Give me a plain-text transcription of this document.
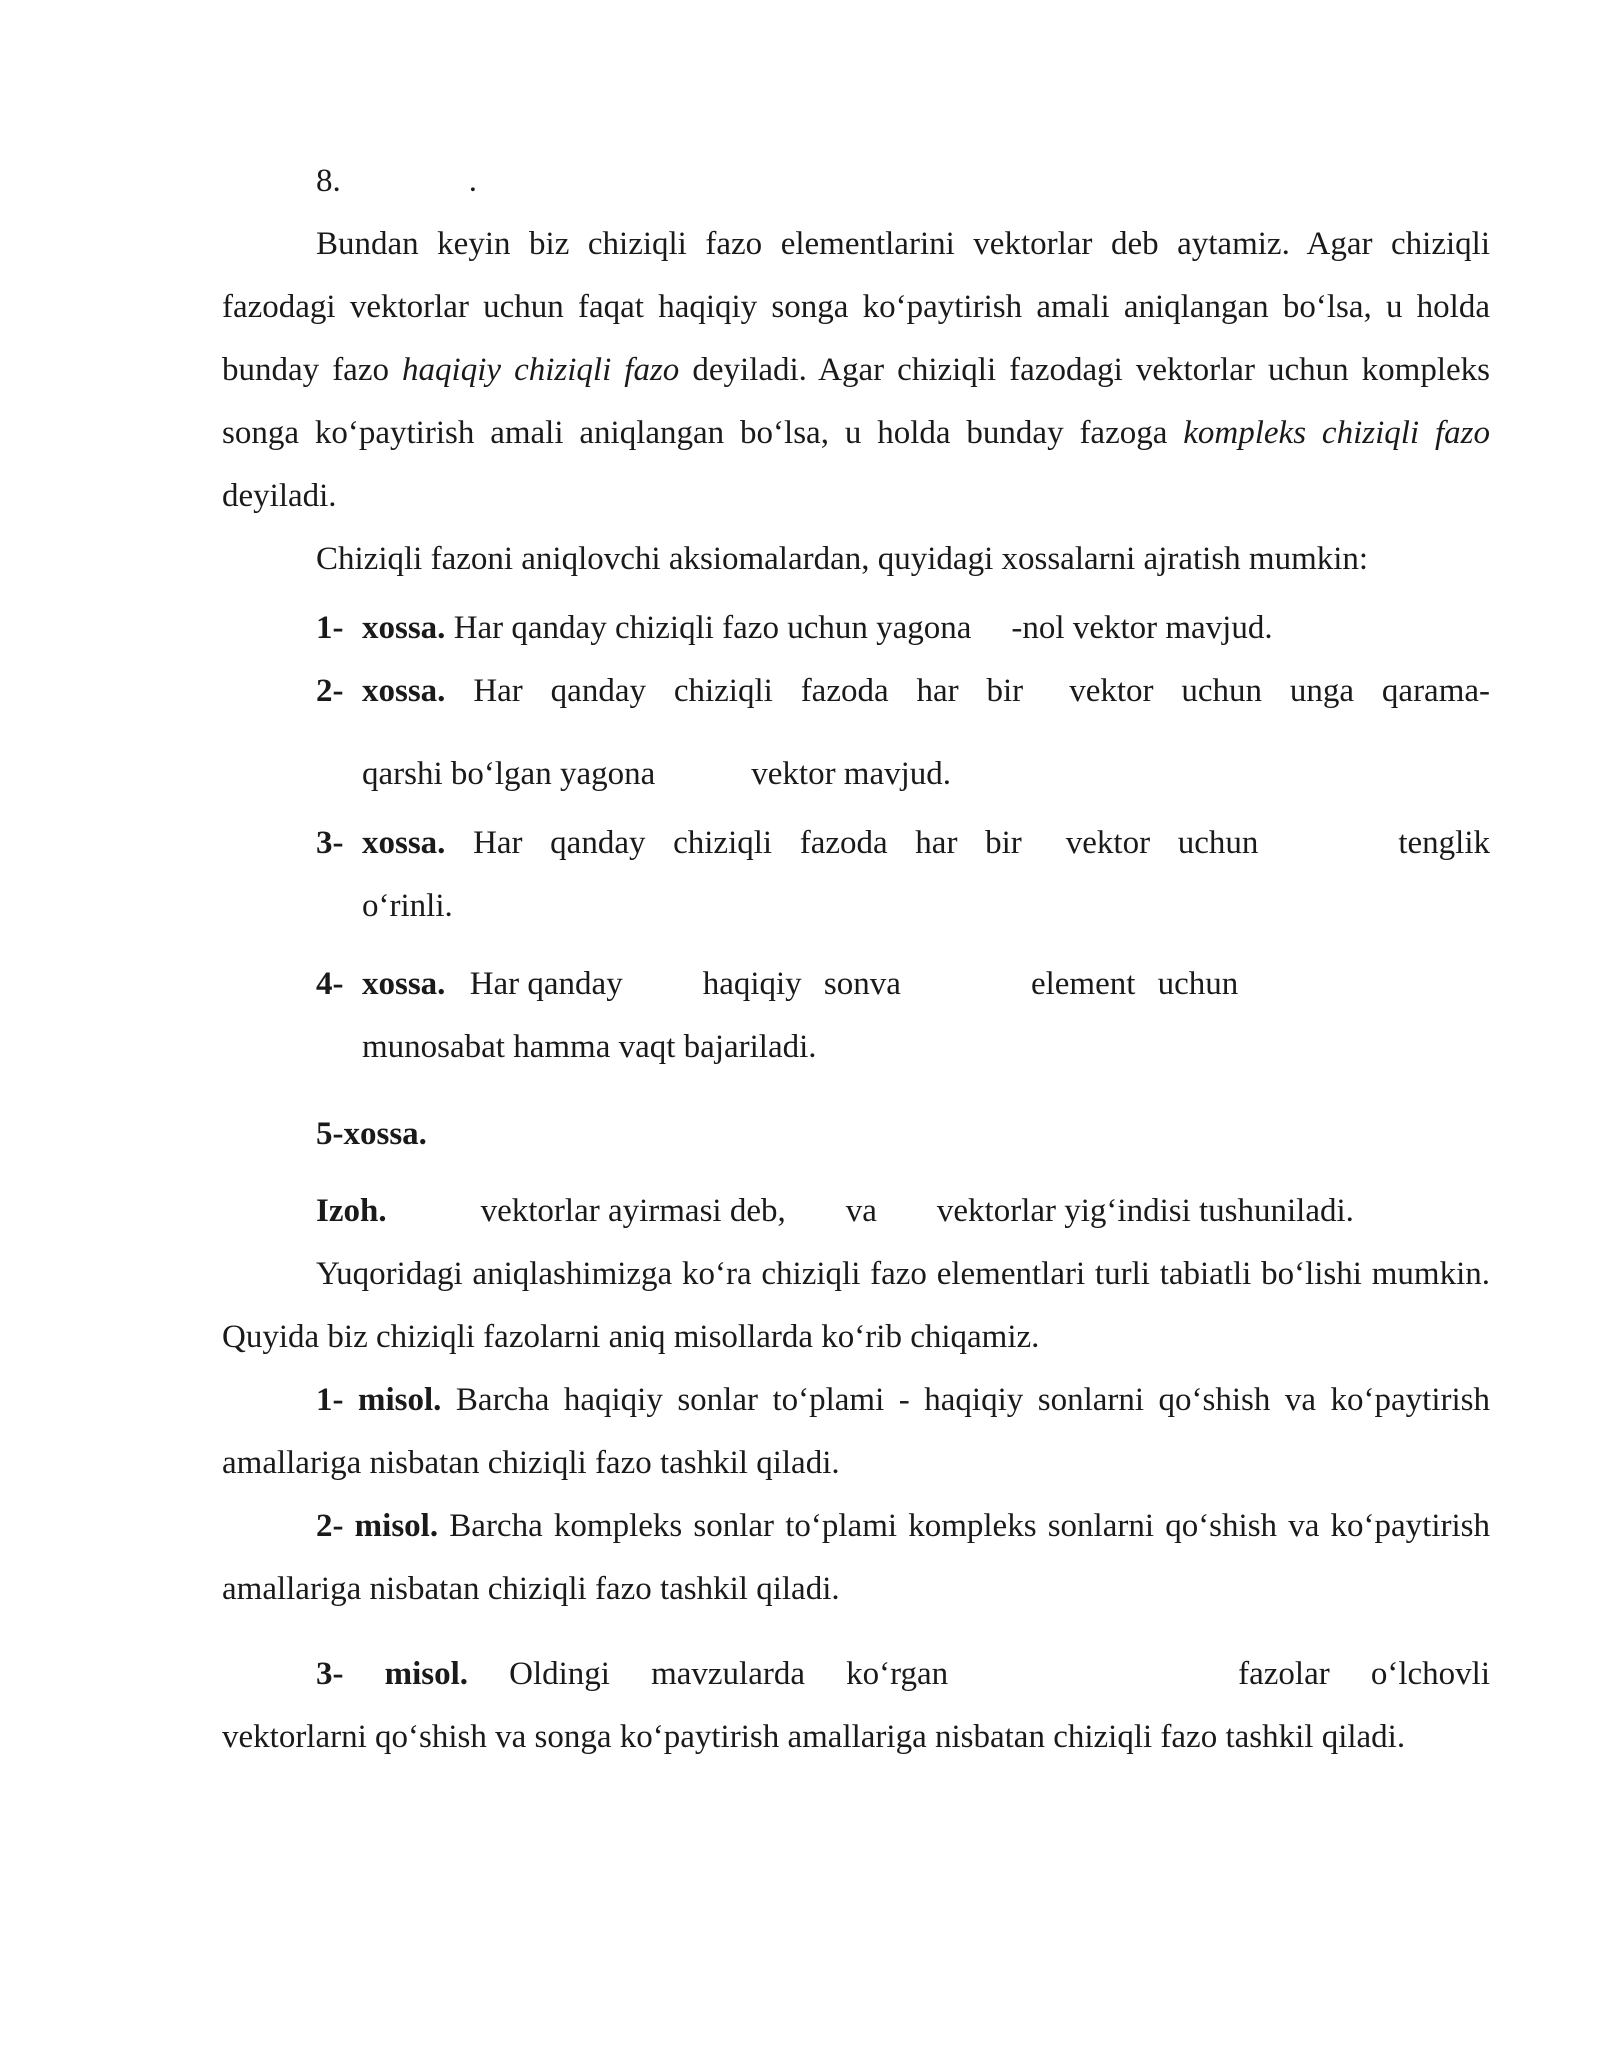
8.	.

Bundan keyin biz chiziqli fazo elementlarini vektorlar deb aytamiz. Agar chiziqli fazodagi vektorlar uchun faqat haqiqiy songa ko‘paytirish amali aniqlangan bo‘lsa, u holda bunday fazo haqiqiy chiziqli fazo deyiladi. Agar chiziqli fazodagi vektorlar uchun kompleks songa ko‘paytirish amali aniqlangan bo‘lsa, u holda bunday fazoga kompleks chiziqli fazo deyiladi.

Chiziqli fazoni aniqlovchi aksiomalardan, quyidagi xossalarni ajratish mumkin:

1- xossa. Har qanday chiziqli fazo uchun yagona -nol vektor mavjud.

2- xossa. Har qanday chiziqli fazoda har bir vektor uchun unga qarama-

qarshi bo‘lgan yagona	vektor mavjud.

3- xossa. Har qanday chiziqli fazoda har bir vektor uchun	tenglik

o‘rinli.

4- xossa. Har qanday haqiqiy sonva	element uchun

munosabat hamma vaqt bajariladi.

5-xossa.

Izoh.	vektorlar ayirmasi deb, va vektorlar yig‘indisi tushuniladi.

Yuqoridagi aniqlashimizga ko‘ra chiziqli fazo elementlari turli tabiatli bo‘lishi mumkin. Quyida biz chiziqli fazolarni aniq misollarda ko‘rib chiqamiz.

1- misol. Barcha haqiqiy sonlar to‘plami - haqiqiy sonlarni qo‘shish va ko‘paytirish amallariga nisbatan chiziqli fazo tashkil qiladi.

2- misol. Barcha kompleks sonlar to‘plami kompleks sonlarni qo‘shish va ko‘paytirish amallariga nisbatan chiziqli fazo tashkil qiladi.

3- misol. Oldingi mavzularda ko‘rgan	fazolar o‘lchovli

vektorlarni qo‘shish va songa ko‘paytirish amallariga nisbatan chiziqli fazo tashkil qiladi.
